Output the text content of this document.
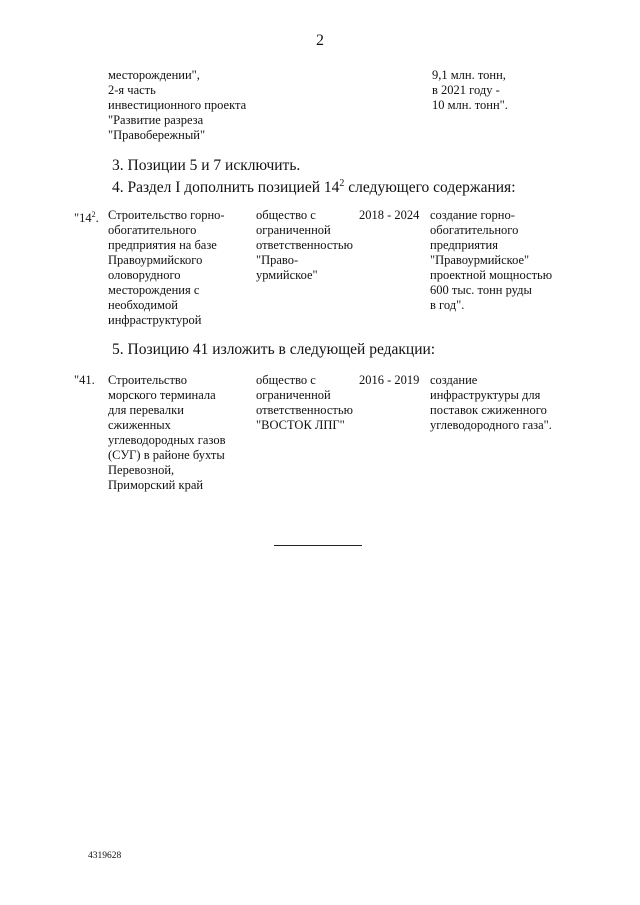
2
месторождении",
2-я часть
инвестиционного проекта
"Развитие разреза
"Правобережный"
9,1 млн. тонн,
в 2021 году -
10 млн. тонн".
3. Позиции 5 и 7 исключить.
4. Раздел I дополнить позицией $14^2$ следующего содержания:
"$14^2$. Строительство горно-
обогатительного
предприятия на базе
Правоурмийского
оловорудного
месторождения с
необходимой
инфраструктурой
общество с
ограниченной
ответственностью
"Право-
урмийское"
2018 - 2024 создание горно-
обогатительного
предприятия
"Правоурмийское"
проектной мощностью
600 тыс. тонн руды
в год".
5. Позицию 41 изложить в следующей редакции:
"41. Строительство
морского терминала
для перевалки
сжиженных
углеводородных газов
(СУГ) в районе бухты
Перевозной,
Приморский край
общество с
ограниченной
ответственностью
"ВОСТОК ЛПГ"
2016 - 2019 создание
инфраструктуры для
поставок сжиженного
углеводородного газа".
4319628
